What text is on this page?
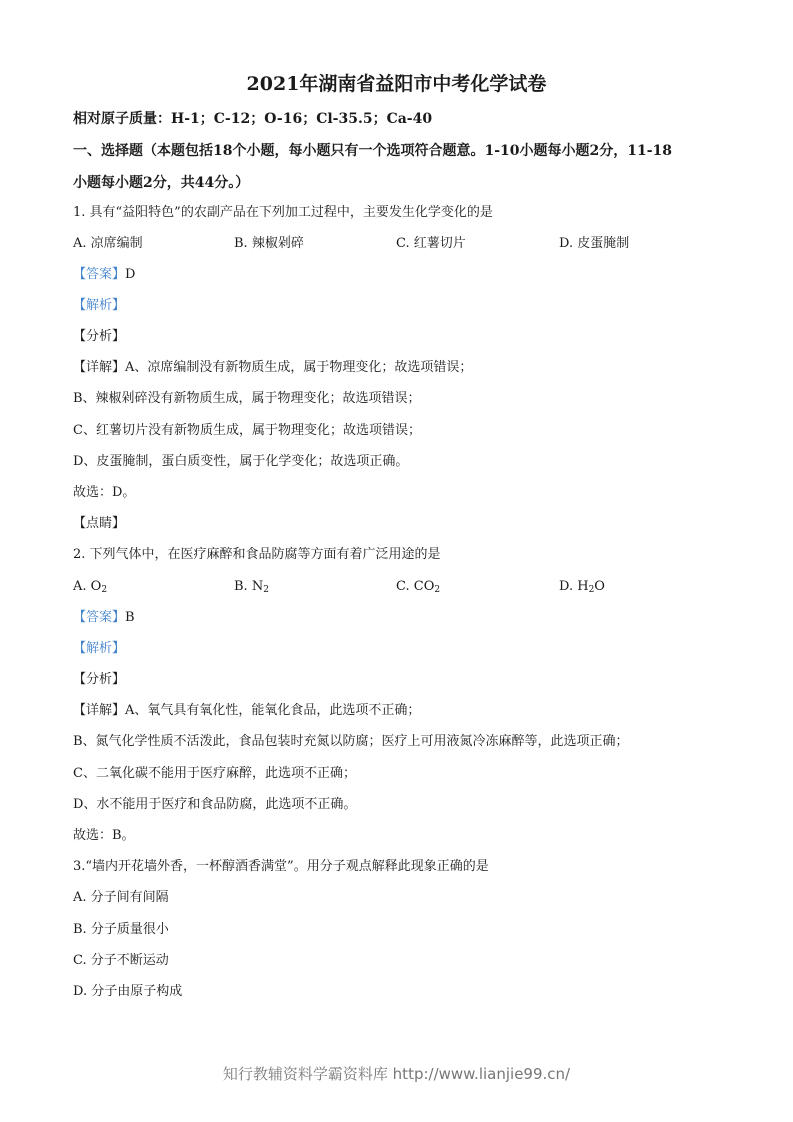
2021年湖南省益阳市中考化学试卷
相对原子质量：H-1；C-12；O-16；Cl-35.5；Ca-40
一、选择题（本题包括18个小题，每小题只有一个选项符合题意。1-10小题每小题2分，11-18
小题每小题2分，共44分。）
1. 具有“益阳特色”的农副产品在下列加工过程中，主要发生化学变化的是
A. 凉席编制	B. 辣椒剁碎	C. 红薯切片	D. 皮蛋腌制
【答案】D
【解析】
【分析】
【详解】A、凉席编制没有新物质生成，属于物理变化；故选项错误；
B、辣椒剁碎没有新物质生成，属于物理变化；故选项错误；
C、红薯切片没有新物质生成，属于物理变化；故选项错误；
D、皮蛋腌制，蛋白质变性，属于化学变化；故选项正确。
故选：D。
【点睛】
2. 下列气体中，在医疗麻醉和食品防腐等方面有着广泛用途的是
A. $O_2$	B. $N_2$	C. $CO_2$	D. $H_2O$
【答案】B
【解析】
【分析】
【详解】A、氧气具有氧化性，能氧化食品，此选项不正确；
B、氮气化学性质不活泼此，食品包装时充氮以防腐；医疗上可用液氮冷冻麻醉等，此选项正确；
C、二氧化碳不能用于医疗麻醉，此选项不正确；
D、水不能用于医疗和食品防腐，此选项不正确。
故选：B。
3.“墙内开花墙外香，一杯醇酒香满堂”。用分子观点解释此现象正确的是
A. 分子间有间隔
B. 分子质量很小
C. 分子不断运动
D. 分子由原子构成
知行教辅资料学霸资料库 http://www.lianjie99.cn/
